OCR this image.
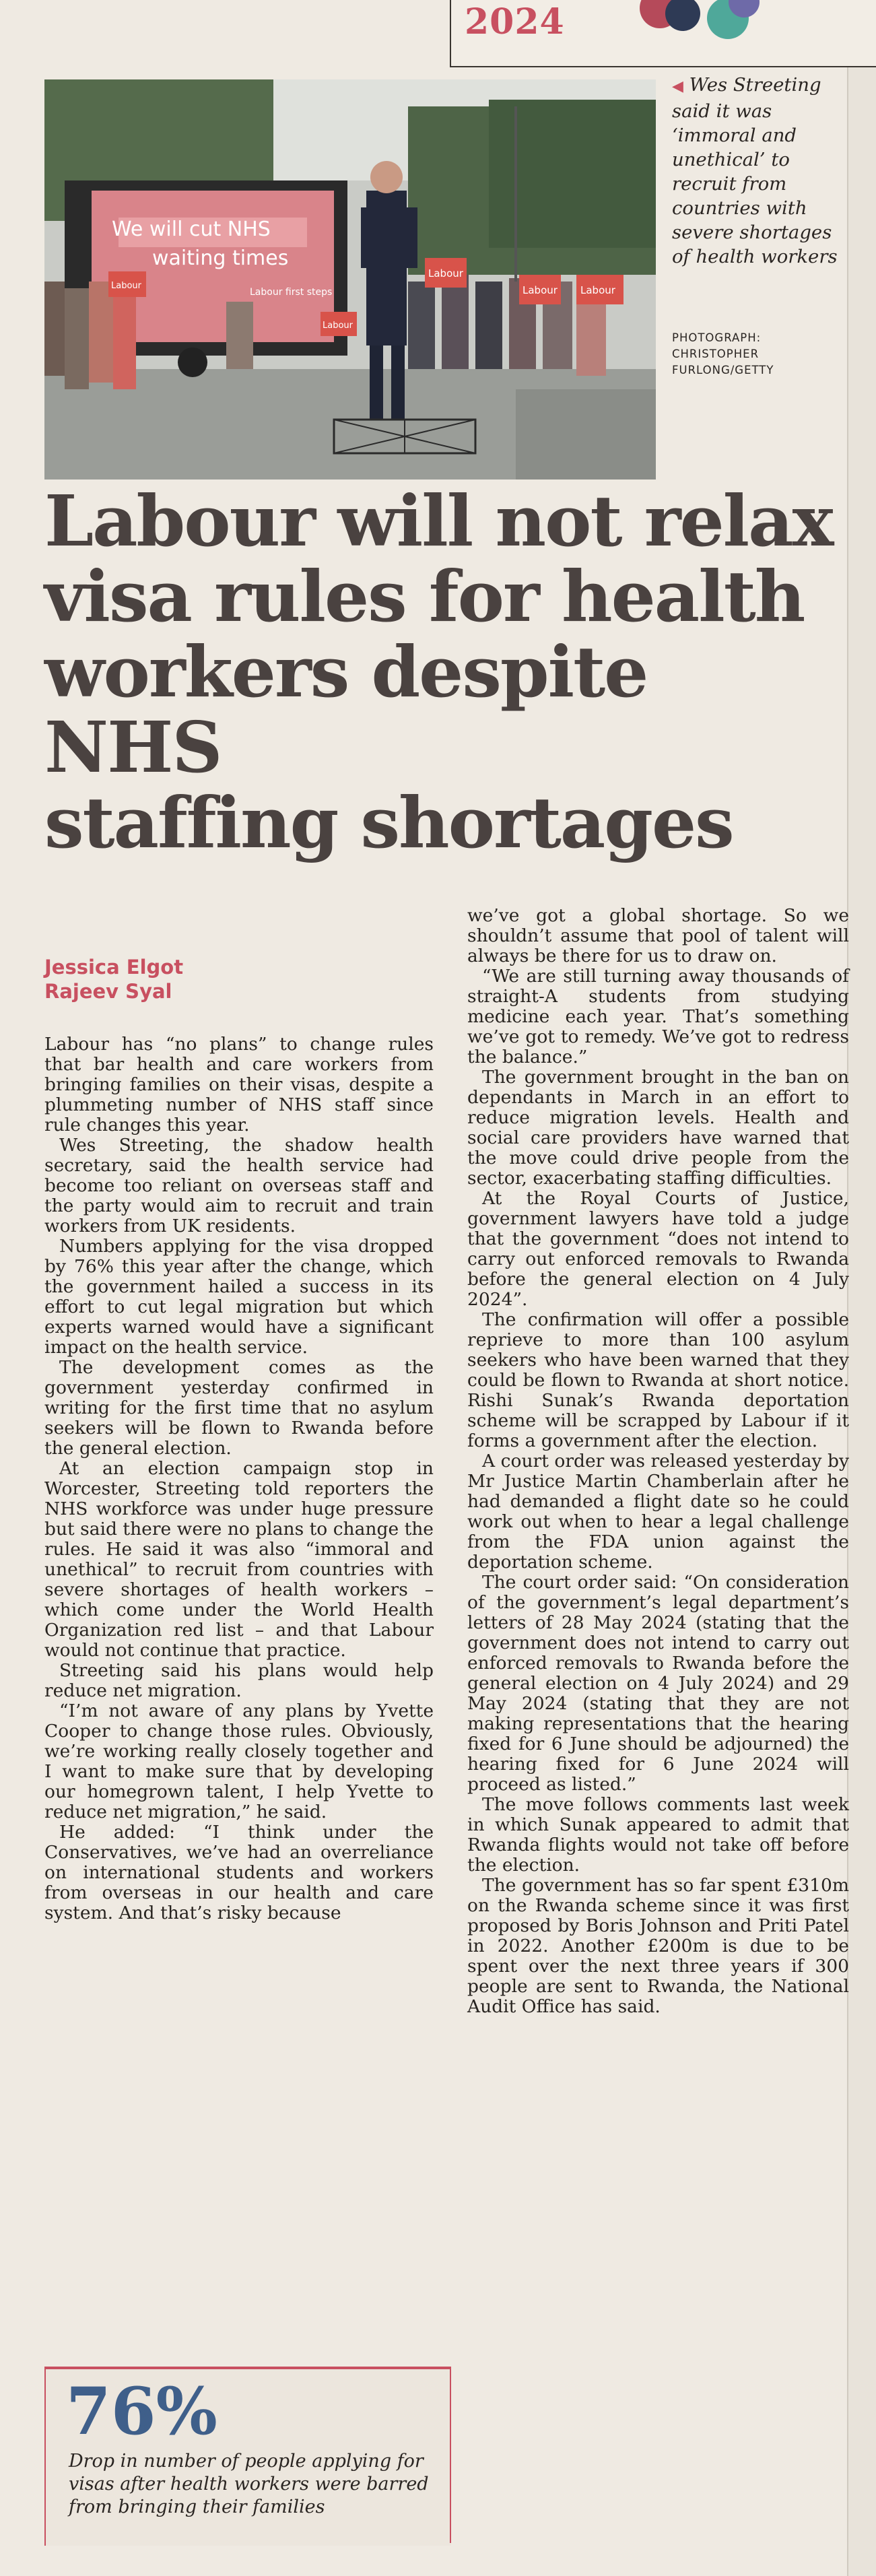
2024
We will cut NHS
waiting times
Labour first steps
Labour
Labour Labour
Labour
Labour
◀ Wes Streeting said it was ‘immoral and unethical’ to recruit from countries with severe shortages of health workers
PHOTOGRAPH:
CHRISTOPHER
FURLONG/GETTY
Labour will not relax
visa rules for health
workers despite NHS
staffing shortages
Jessica Elgot
Rajeev Syal

Labour has “no plans” to change rules that bar health and care workers from bringing families on their visas, despite a plummeting number of NHS staff since rule changes this year.

Wes Streeting, the shadow health secretary, said the health service had become too reliant on overseas staff and the party would aim to recruit and train workers from UK residents.

Numbers applying for the visa dropped by 76% this year after the change, which the government hailed a success in its effort to cut legal migration but which experts warned would have a significant impact on the health service.

The development comes as the government yesterday confirmed in writing for the first time that no asylum seekers will be flown to Rwanda before the general election.

At an election campaign stop in Worcester, Streeting told reporters the NHS workforce was under huge pressure but said there were no plans to change the rules. He said it was also “immoral and unethical” to recruit from countries with severe shortages of health workers – which come under the World Health Organization red list – and that Labour would not continue that practice.

Streeting said his plans would help reduce net migration.

“I’m not aware of any plans by Yvette Cooper to change those rules. Obviously, we’re working really closely together and I want to make sure that by developing our homegrown talent, I help Yvette to reduce net migration,” he said.

He added: “I think under the Conservatives, we’ve had an overreliance on international students and workers from overseas in our health and care system. And that’s risky because

we’ve got a global shortage. So we shouldn’t assume that pool of talent will always be there for us to draw on.

“We are still turning away thousands of straight-A students from studying medicine each year. That’s something we’ve got to remedy. We’ve got to redress the balance.”

The government brought in the ban on dependants in March in an effort to reduce migration levels. Health and social care providers have warned that the move could drive people from the sector, exacerbating staffing difficulties.

At the Royal Courts of Justice, government lawyers have told a judge that the government “does not intend to carry out enforced removals to Rwanda before the general election on 4 July 2024”.

The confirmation will offer a possible reprieve to more than 100 asylum seekers who have been warned that they could be flown to Rwanda at short notice. Rishi Sunak’s Rwanda deportation scheme will be scrapped by Labour if it forms a government after the election.

A court order was released yesterday by Mr Justice Martin Chamberlain after he had demanded a flight date so he could work out when to hear a legal challenge from the FDA union against the deportation scheme.

The court order said: “On consideration of the government’s legal department’s letters of 28 May 2024 (stating that the government does not intend to carry out enforced removals to Rwanda before the general election on 4 July 2024) and 29 May 2024 (stating that they are not making representations that the hearing fixed for 6 June should be adjourned) the hearing fixed for 6 June 2024 will proceed as listed.”

The move follows comments last week in which Sunak appeared to admit that Rwanda flights would not take off before the election.

The government has so far spent £310m on the Rwanda scheme since it was first proposed by Boris Johnson and Priti Patel in 2022. Another £200m is due to be spent over the next three years if 300 people are sent to Rwanda, the National Audit Office has said.

76%
Drop in number of people applying for visas after health workers were barred from bringing their families
